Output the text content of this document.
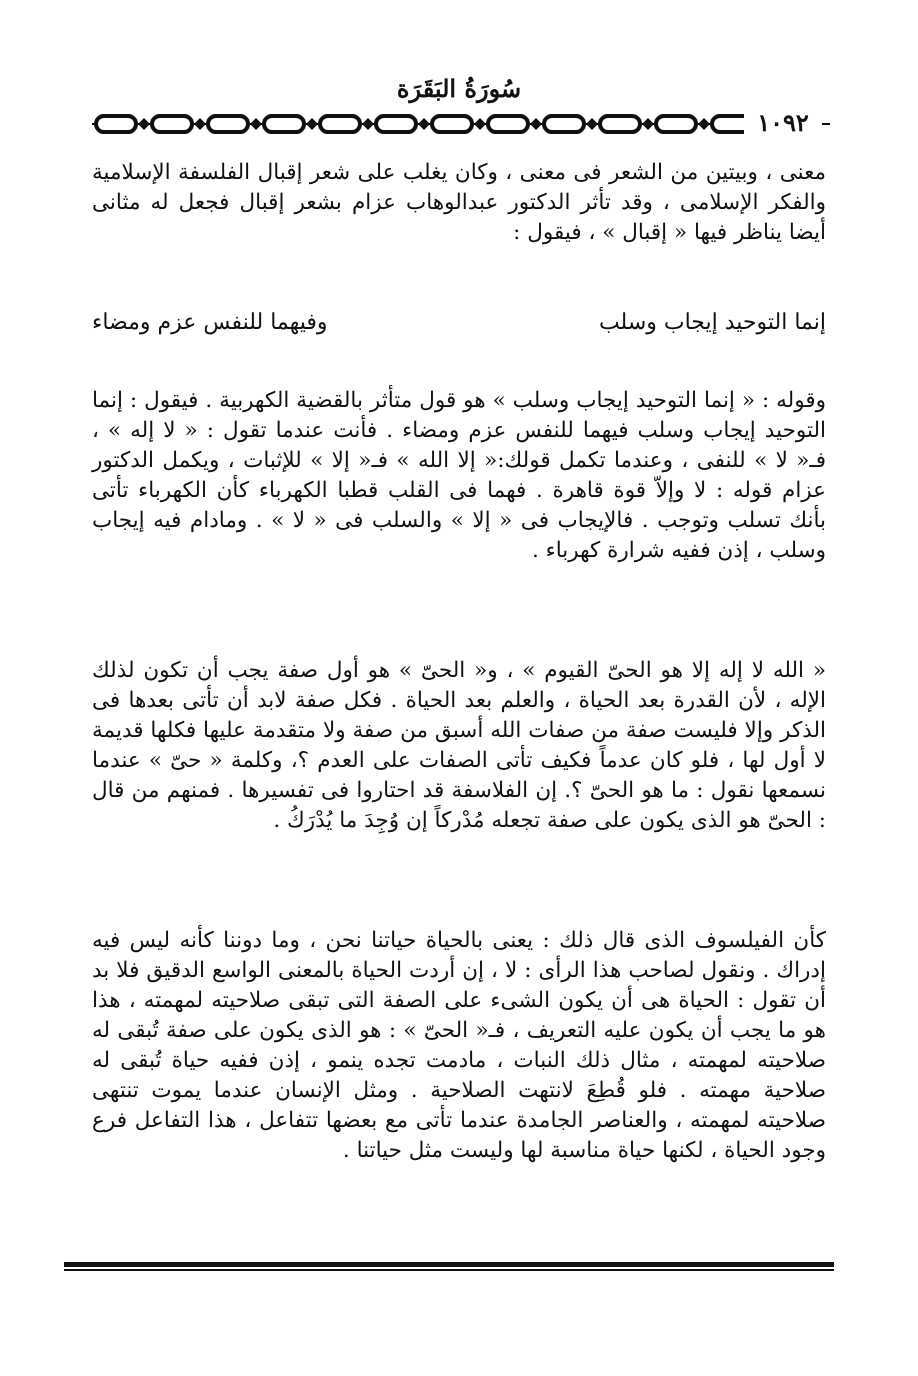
سُورَةُ البَقَرَة
١٠٩٢

معنى ، وبيتين من الشعر فى معنى ، وكان يغلب على شعر إقبال الفلسفة الإسلامية والفكر الإسلامى ، وقد تأثر الدكتور عبدالوهاب عزام بشعر إقبال فجعل له مثانى أيضا يناظر فيها « إقبال » ، فيقول :

إنما التوحيد إيجاب وسلب
وفيهما للنفس عزم ومضاء

وقوله : « إنما التوحيد إيجاب وسلب » هو قول متأثر بالقضية الكهربية . فيقول : إنما التوحيد إيجاب وسلب فيهما للنفس عزم ومضاء . فأنت عندما تقول : « لا إله » ، فـ« لا » للنفى ، وعندما تكمل قولك:« إلا الله » فـ« إلا » للإثبات ، ويكمل الدكتور عزام قوله : لا وإلاّ قوة قاهرة . فهما فى القلب قطبا الكهرباء كأن الكهرباء تأتى بأنك تسلب وتوجب . فالإيجاب فى « إلا » والسلب فى « لا » . ومادام فيه إيجاب وسلب ، إذن ففيه شرارة كهرباء .

« الله لا إله إلا هو الحىّ القيوم » ، و« الحىّ » هو أول صفة يجب أن تكون لذلك الإله ، لأن القدرة بعد الحياة ، والعلم بعد الحياة . فكل صفة لابد أن تأتى بعدها فى الذكر وإلا فليست صفة من صفات الله أسبق من صفة ولا متقدمة عليها فكلها قديمة لا أول لها ، فلو كان عدماً فكيف تأتى الصفات على العدم ؟، وكلمة « حىّ » عندما نسمعها نقول : ما هو الحىّ ؟. إن الفلاسفة قد احتاروا فى تفسيرها . فمنهم من قال : الحىّ هو الذى يكون على صفة تجعله مُدْركاً إن وُجِدَ ما يُدْرَكُ .

كأن الفيلسوف الذى قال ذلك : يعنى بالحياة حياتنا نحن ، وما دوننا كأنه ليس فيه إدراك . ونقول لصاحب هذا الرأى : لا ، إن أردت الحياة بالمعنى الواسع الدقيق فلا بد أن تقول : الحياة هى أن يكون الشىء على الصفة التى تبقى صلاحيته لمهمته ، هذا هو ما يجب أن يكون عليه التعريف ، فـ« الحىّ » : هو الذى يكون على صفة تُبقى له صلاحيته لمهمته ، مثال ذلك النبات ، مادمت تجده ينمو ، إذن ففيه حياة تُبقى له صلاحية مهمته . فلو قُطِعَ لانتهت الصلاحية . ومثل الإنسان عندما يموت تنتهى صلاحيته لمهمته ، والعناصر الجامدة عندما تأتى مع بعضها تتفاعل ، هذا التفاعل فرع وجود الحياة ، لكنها حياة مناسبة لها وليست مثل حياتنا .
